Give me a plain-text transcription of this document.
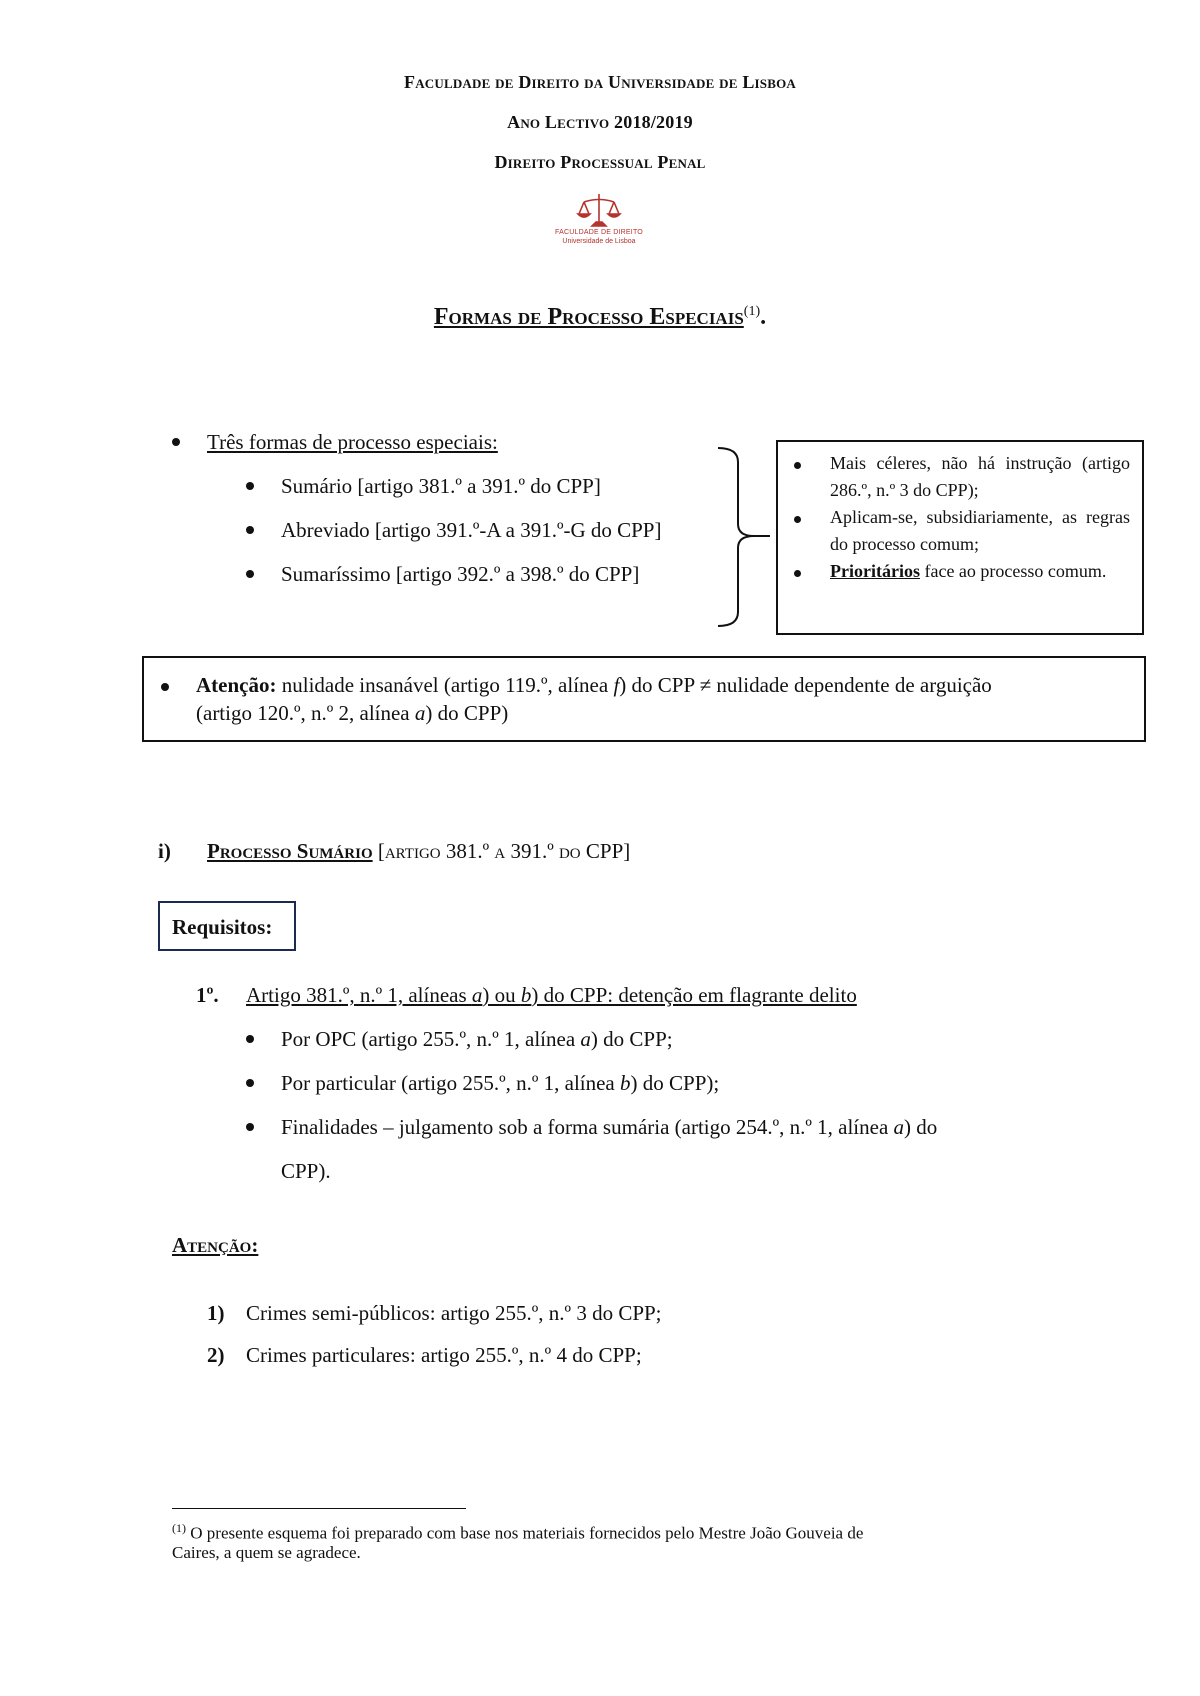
Faculdade de Direito da Universidade de Lisboa
Ano Lectivo 2018/2019
Direito Processual Penal
FACULDADE DE DIREITO
Universidade de Lisboa
Formas de Processo Especiais$^{(1)}$.
Três formas de processo especiais:
Sumário [artigo 381.º a 391.º do CPP]
Abreviado [artigo 391.º-A a 391.º-G do CPP]
Sumaríssimo [artigo 392.º a 398.º do CPP]
Mais céleres, não há instrução (artigo 286.º, n.º 3 do CPP);
Aplicam-se, subsidiariamente, as regras do processo comum;
Prioritários face ao processo comum.
Atenção: nulidade insanável (artigo 119.º, alínea f) do CPP ≠ nulidade dependente de arguição
(artigo 120.º, n.º 2, alínea a) do CPP)
i) Processo Sumário [artigo 381.º a 391.º do CPP]
Requisitos:
1º. Artigo 381.º, n.º 1, alíneas a) ou b) do CPP: detenção em flagrante delito
Por OPC (artigo 255.º, n.º 1, alínea a) do CPP;
Por particular (artigo 255.º, n.º 1, alínea b) do CPP);
Finalidades – julgamento sob a forma sumária (artigo 254.º, n.º 1, alínea a) do
CPP).
Atenção:
1) Crimes semi-públicos: artigo 255.º, n.º 3 do CPP;
2) Crimes particulares: artigo 255.º, n.º 4 do CPP;
$^{(1)}$ O presente esquema foi preparado com base nos materiais fornecidos pelo Mestre João Gouveia de
Caires, a quem se agradece.
